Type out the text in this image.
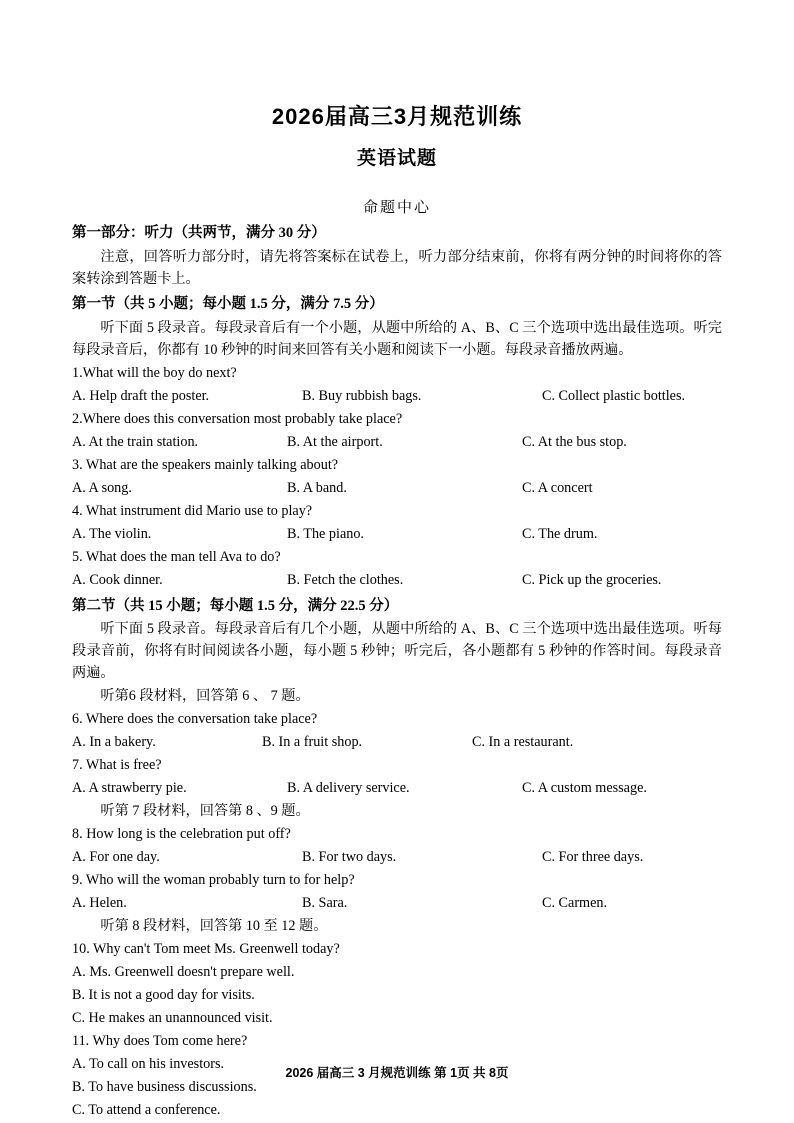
2026届高三3月规范训练
英语试题
命题中心
第一部分：听力（共两节，满分 30 分）

注意，回答听力部分时，请先将答案标在试卷上，听力部分结束前，你将有两分钟的时间将你的答案转涂到答题卡上。

第一节（共 5 小题；每小题 1.5 分，满分 7.5 分）

听下面 5 段录音。每段录音后有一个小题，从题中所给的 A、B、C 三个选项中选出最佳选项。听完每段录音后，你都有 10 秒钟的时间来回答有关小题和阅读下一小题。每段录音播放两遍。

1.What will the boy do next?

A. Help draft the poster.	B. Buy rubbish bags.	C. Collect plastic bottles.

2.Where does this conversation most probably take place?

A. At the train station.	B. At the airport.	C. At the bus stop.

3. What are the speakers mainly talking about?

A. A song.	B. A band.	C. A concert

4. What instrument did Mario use to play?

A. The violin.	B. The piano.	C. The drum.

5. What does the man tell Ava to do?

A. Cook dinner.	B. Fetch the clothes.	C. Pick up the groceries.

第二节（共 15 小题；每小题 1.5 分，满分 22.5 分）

听下面 5 段录音。每段录音后有几个小题，从题中所给的 A、B、C 三个选项中选出最佳选项。听每段录音前，你将有时间阅读各小题，每小题 5 秒钟；听完后，各小题都有 5 秒钟的作答时间。每段录音两遍。

听第6 段材料，回答第 6 、 7 题。

6. Where does the conversation take place?

A. In a bakery.	B. In a fruit shop.	C. In a restaurant.

7. What is free?

A. A strawberry pie.	B. A delivery service.	C. A custom message.

听第 7 段材料，回答第 8 、9 题。

8. How long is the celebration put off?

A. For one day.	B. For two days.	C. For three days.

9. Who will the woman probably turn to for help?

A. Helen.	B. Sara.	C. Carmen.

听第 8 段材料，回答第 10 至 12 题。

10. Why can't Tom meet Ms. Greenwell today?

A. Ms. Greenwell doesn't prepare well.

B. It is not a good day for visits.

C. He makes an unannounced visit.

11. Why does Tom come here?

A. To call on his investors.

B. To have business discussions.

C. To attend a conference.

2026 届高三 3 月规范训练 第 1页 共 8页
